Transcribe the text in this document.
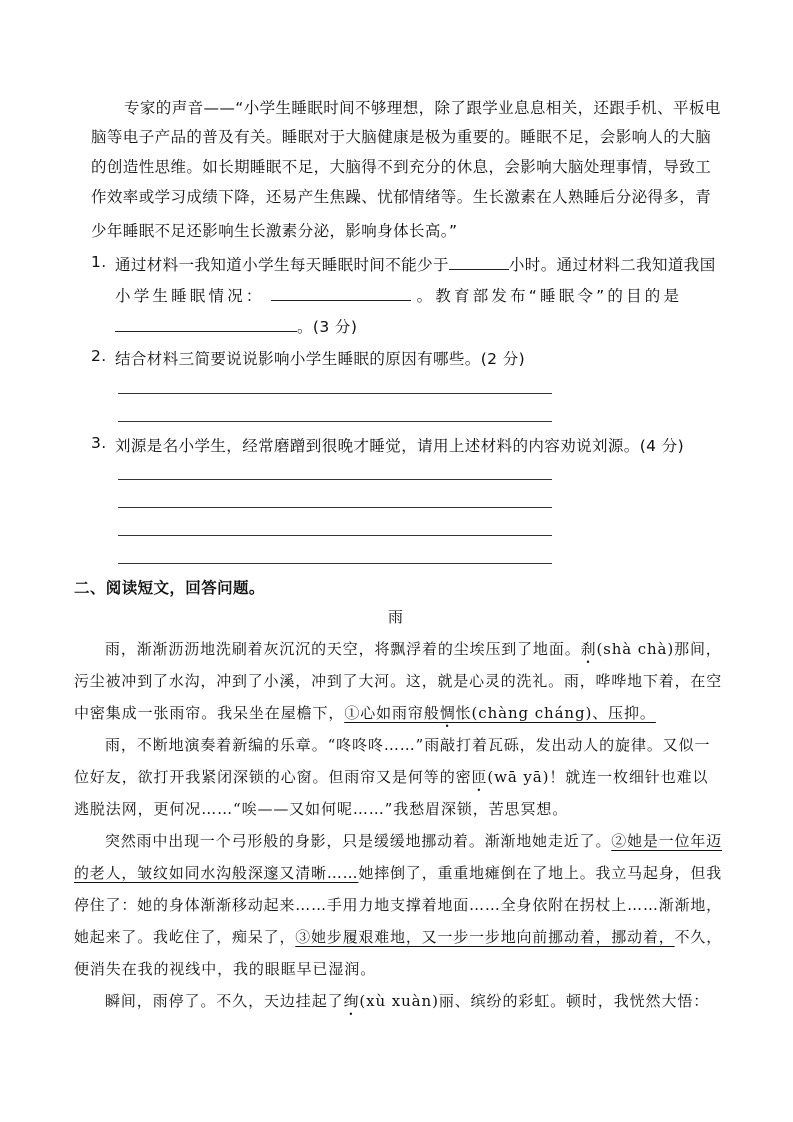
专家的声音——“小学生睡眠时间不够理想，除了跟学业息息相关，还跟手机、平板电
脑等电子产品的普及有关。睡眠对于大脑健康是极为重要的。睡眠不足，会影响人的大脑
的创造性思维。如长期睡眠不足，大脑得不到充分的休息，会影响大脑处理事情，导致工
作效率或学习成绩下降，还易产生焦躁、忧郁情绪等。生长激素在人熟睡后分泌得多，青
少年睡眠不足还影响生长激素分泌，影响身体长高。”
1. 通过材料一我知道小学生每天睡眠时间不能少于	小时。通过材料二我知道我国
小学生睡眠情况：	。教育部发布“睡眠令”的目的是
。(3 分)
2. 结合材料三简要说说影响小学生睡眠的原因有哪些。(2 分)
3. 刘源是名小学生，经常磨蹭到很晚才睡觉，请用上述材料的内容劝说刘源。(4 分)
二、阅读短文，回答问题。
雨
雨，渐渐沥沥地洗刷着灰沉沉的天空，将飘浮着的尘埃压到了地面。刹(shà chà)那间，
污尘被冲到了水沟，冲到了小溪，冲到了大河。这，就是心灵的洗礼。雨，哗哗地下着，在空
中密集成一张雨帘。我呆坐在屋檐下，①心如雨帘般惆怅(chàng cháng)、压抑。
雨，不断地演奏着新编的乐章。“咚咚咚……”雨敲打着瓦砾，发出动人的旋律。又似一
位好友，欲打开我紧闭深锁的心窗。但雨帘又是何等的密匝(wā yā)！就连一枚细针也难以
逃脱法网，更何况……“唉——又如何呢……”我愁眉深锁，苦思冥想。
突然雨中出现一个弓形般的身影，只是缓缓地挪动着。渐渐地她走近了。②她是一位年迈
的老人，皱纹如同水沟般深邃又清晰……她摔倒了，重重地瘫倒在了地上。我立马起身，但我
停住了：她的身体渐渐移动起来……手用力地支撑着地面……全身依附在拐杖上……渐渐地，
她起来了。我屹住了，痴呆了，③她步履艰难地，又一步一步地向前挪动着，挪动着，不久，
便消失在我的视线中，我的眼眶早已湿润。
瞬间，雨停了。不久，天边挂起了绚(xù xuàn)丽、缤纷的彩虹。顿时，我恍然大悟：
